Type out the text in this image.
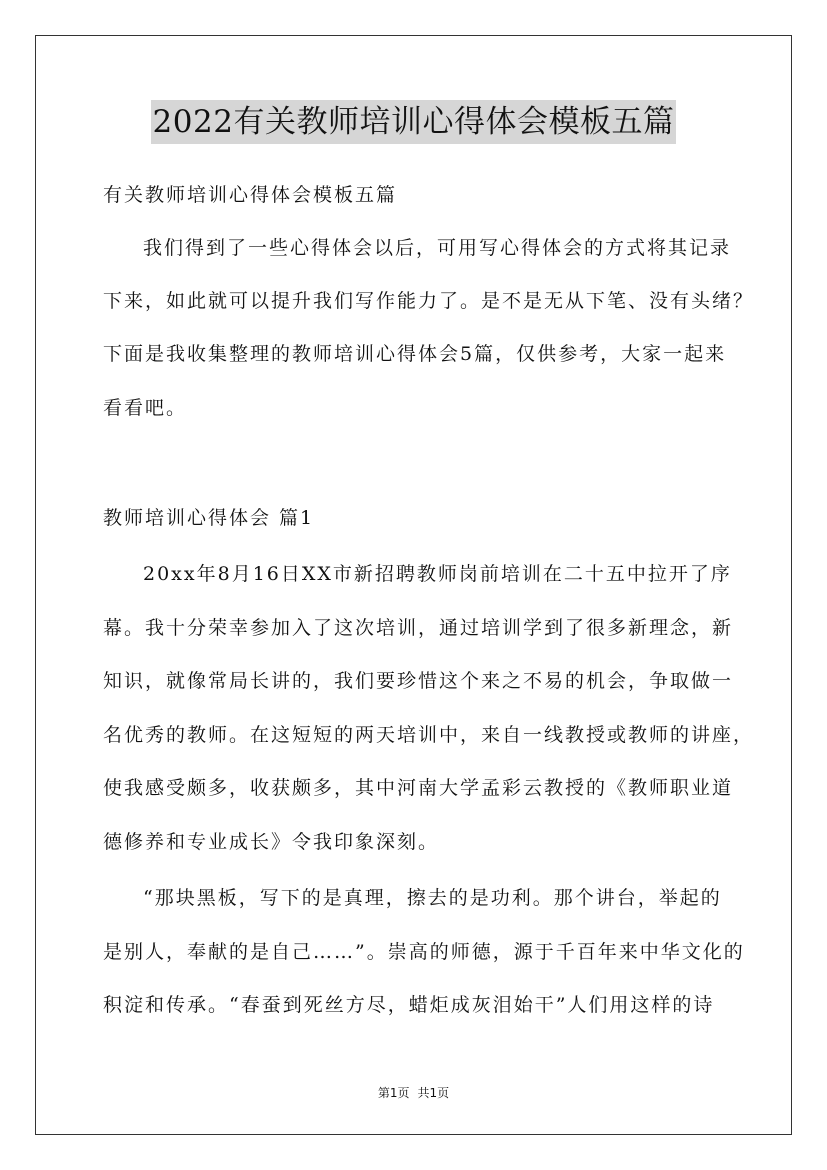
2022有关教师培训心得体会模板五篇
有关教师培训心得体会模板五篇
我们得到了一些心得体会以后，可用写心得体会的方式将其记录
下来，如此就可以提升我们写作能力了。是不是无从下笔、没有头绪？
下面是我收集整理的教师培训心得体会5篇，仅供参考，大家一起来
看看吧。
教师培训心得体会 篇1
20xx年8月16日XX市新招聘教师岗前培训在二十五中拉开了序
幕。我十分荣幸参加入了这次培训，通过培训学到了很多新理念，新
知识，就像常局长讲的，我们要珍惜这个来之不易的机会，争取做一
名优秀的教师。在这短短的两天培训中，来自一线教授或教师的讲座，
使我感受颇多，收获颇多，其中河南大学孟彩云教授的《教师职业道
德修养和专业成长》令我印象深刻。
“那块黑板，写下的是真理，擦去的是功利。那个讲台，举起的
是别人，奉献的是自己……”。崇高的师德，源于千百年来中华文化的
积淀和传承。“春蚕到死丝方尽，蜡炬成灰泪始干”人们用这样的诗
第1页 共1页
